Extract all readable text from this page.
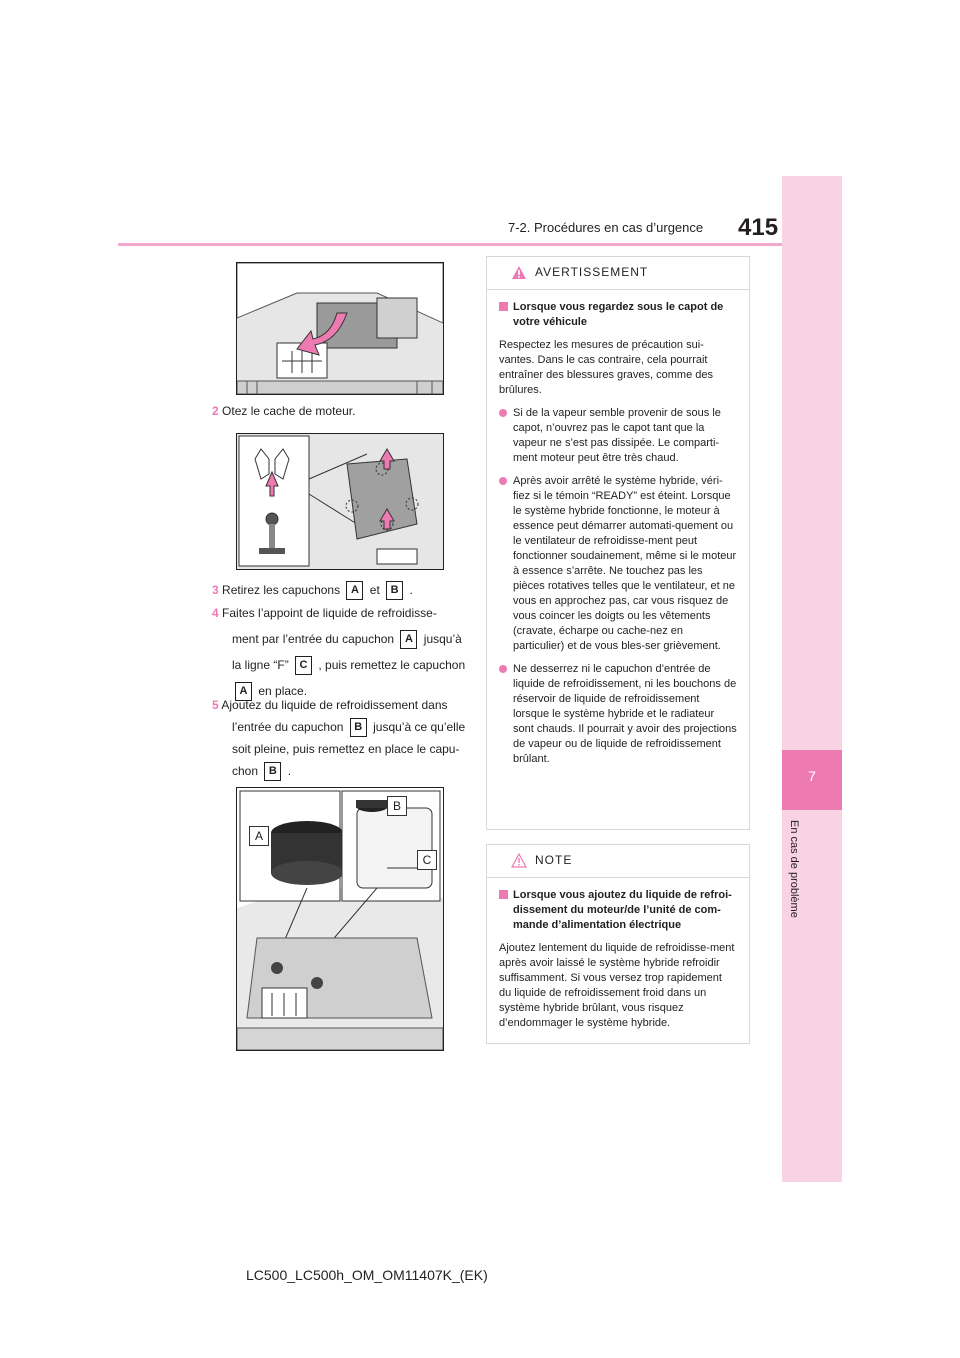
7-2. Procédures en cas d’urgence 415
7
En cas de problème
2 Otez le cache de moteur.
3 Retirez les capuchons A et B .
4 Faites l’appoint de liquide de refroidisse-
ment par l’entrée du capuchon A jusqu’à
la ligne “F” C , puis remettez le capuchon
A en place.
5 Ajoutez du liquide de refroidissement dans
l’entrée du capuchon B jusqu’à ce qu’elle
soit pleine, puis remettez en place le capu-
chon B .
A
B
C
AVERTISSEMENT
Lorsque vous regardez sous le capot de votre véhicule
Respectez les mesures de précaution sui-vantes. Dans le cas contraire, cela pourrait entraîner des blessures graves, comme des brûlures.
Si de la vapeur semble provenir de sous le capot, n’ouvrez pas le capot tant que la vapeur ne s’est pas dissipée. Le comparti-ment moteur peut être très chaud.
Après avoir arrêté le système hybride, véri-fiez si le témoin “READY” est éteint. Lorsque le système hybride fonctionne, le moteur à essence peut démarrer automati-quement ou le ventilateur de refroidisse-ment peut fonctionner soudainement, même si le moteur à essence s’arrête. Ne touchez pas les pièces rotatives telles que le ventilateur, et ne vous en approchez pas, car vous risquez de vous coincer les doigts ou les vêtements (cravate, écharpe ou cache-nez en particulier) et de vous bles-ser grièvement.
Ne desserrez ni le capuchon d’entrée de liquide de refroidissement, ni les bouchons de réservoir de liquide de refroidissement lorsque le système hybride et le radiateur sont chauds. Il pourrait y avoir des projections de vapeur ou de liquide de refroidissement brûlant.
NOTE
Lorsque vous ajoutez du liquide de refroi-dissement du moteur/de l’unité de com-mande d’alimentation électrique
Ajoutez lentement du liquide de refroidisse-ment après avoir laissé le système hybride refroidir suffisamment. Si vous versez trop rapidement du liquide de refroidissement froid dans un système hybride brûlant, vous risquez d’endommager le système hybride.
LC500_LC500h_OM_OM11407K_(EK)
